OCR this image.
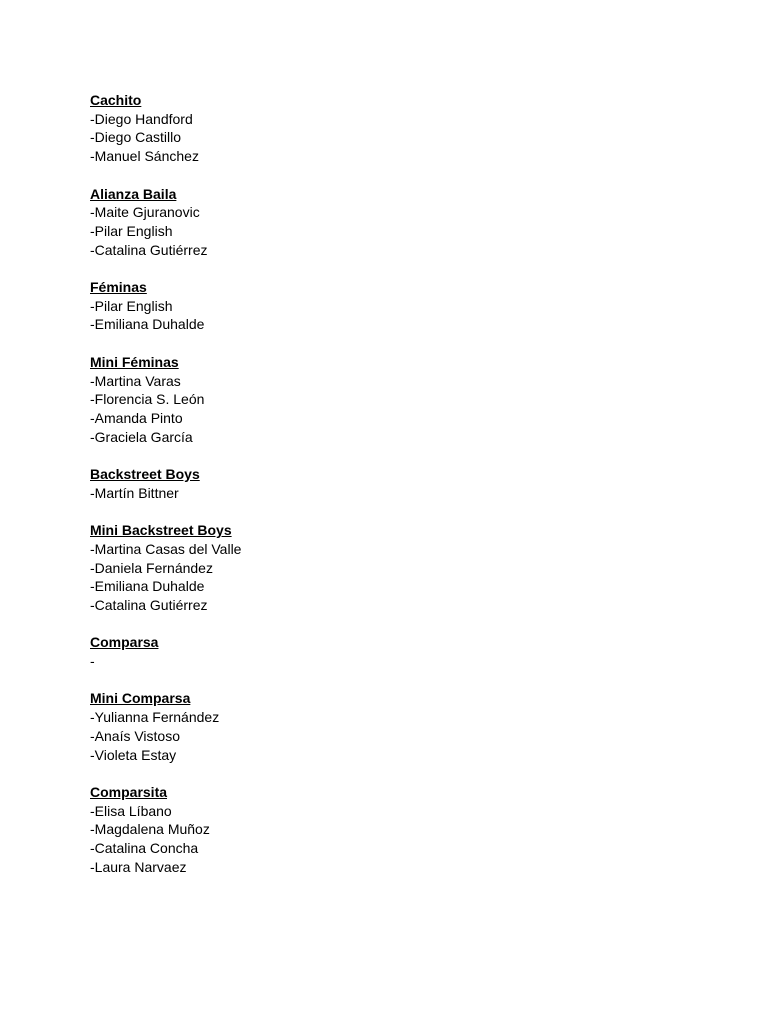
Cachito

-Diego Handford
-Diego Castillo
-Manuel Sánchez

Alianza Baila

-Maite Gjuranovic
-Pilar English
-Catalina Gutiérrez

Féminas

-Pilar English
-Emiliana Duhalde

Mini Féminas

-Martina Varas
-Florencia S. León
-Amanda Pinto
-Graciela García

Backstreet Boys

-Martín Bittner

Mini Backstreet Boys

-Martina Casas del Valle
-Daniela Fernández
-Emiliana Duhalde
-Catalina Gutiérrez

Comparsa

-

Mini Comparsa

-Yulianna Fernández
-Anaís Vistoso
-Violeta Estay

Comparsita

-Elisa Líbano
-Magdalena Muñoz
-Catalina Concha
-Laura Narvaez
